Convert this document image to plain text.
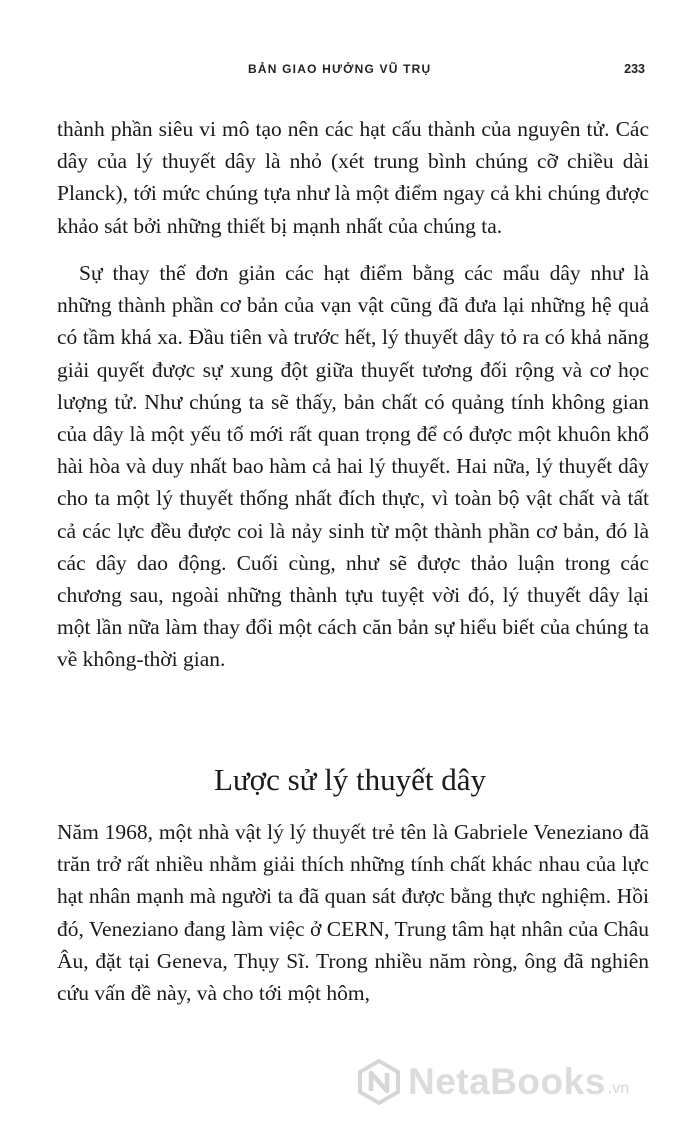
BẢN GIAO HƯỞNG VŨ TRỤ	233

thành phần siêu vi mô tạo nên các hạt cấu thành của nguyên tử. Các dây của lý thuyết dây là nhỏ (xét trung bình chúng cỡ chiều dài Planck), tới mức chúng tựa như là một điểm ngay cả khi chúng được khảo sát bởi những thiết bị mạnh nhất của chúng ta.

Sự thay thế đơn giản các hạt điểm bằng các mẩu dây như là những thành phần cơ bản của vạn vật cũng đã đưa lại những hệ quả có tầm khá xa. Đầu tiên và trước hết, lý thuyết dây tỏ ra có khả năng giải quyết được sự xung đột giữa thuyết tương đối rộng và cơ học lượng tử. Như chúng ta sẽ thấy, bản chất có quảng tính không gian của dây là một yếu tố mới rất quan trọng để có được một khuôn khổ hài hòa và duy nhất bao hàm cả hai lý thuyết. Hai nữa, lý thuyết dây cho ta một lý thuyết thống nhất đích thực, vì toàn bộ vật chất và tất cả các lực đều được coi là nảy sinh từ một thành phần cơ bản, đó là các dây dao động. Cuối cùng, như sẽ được thảo luận trong các chương sau, ngoài những thành tựu tuyệt vời đó, lý thuyết dây lại một lần nữa làm thay đổi một cách căn bản sự hiểu biết của chúng ta về không-thời gian.

Lược sử lý thuyết dây

Năm 1968, một nhà vật lý lý thuyết trẻ tên là Gabriele Veneziano đã trăn trở rất nhiều nhằm giải thích những tính chất khác nhau của lực hạt nhân mạnh mà người ta đã quan sát được bằng thực nghiệm. Hồi đó, Veneziano đang làm việc ở CERN, Trung tâm hạt nhân của Châu Âu, đặt tại Geneva, Thụy Sĩ. Trong nhiều năm ròng, ông đã nghiên cứu vấn đề này, và cho tới một hôm,

NetaBooks .vn
